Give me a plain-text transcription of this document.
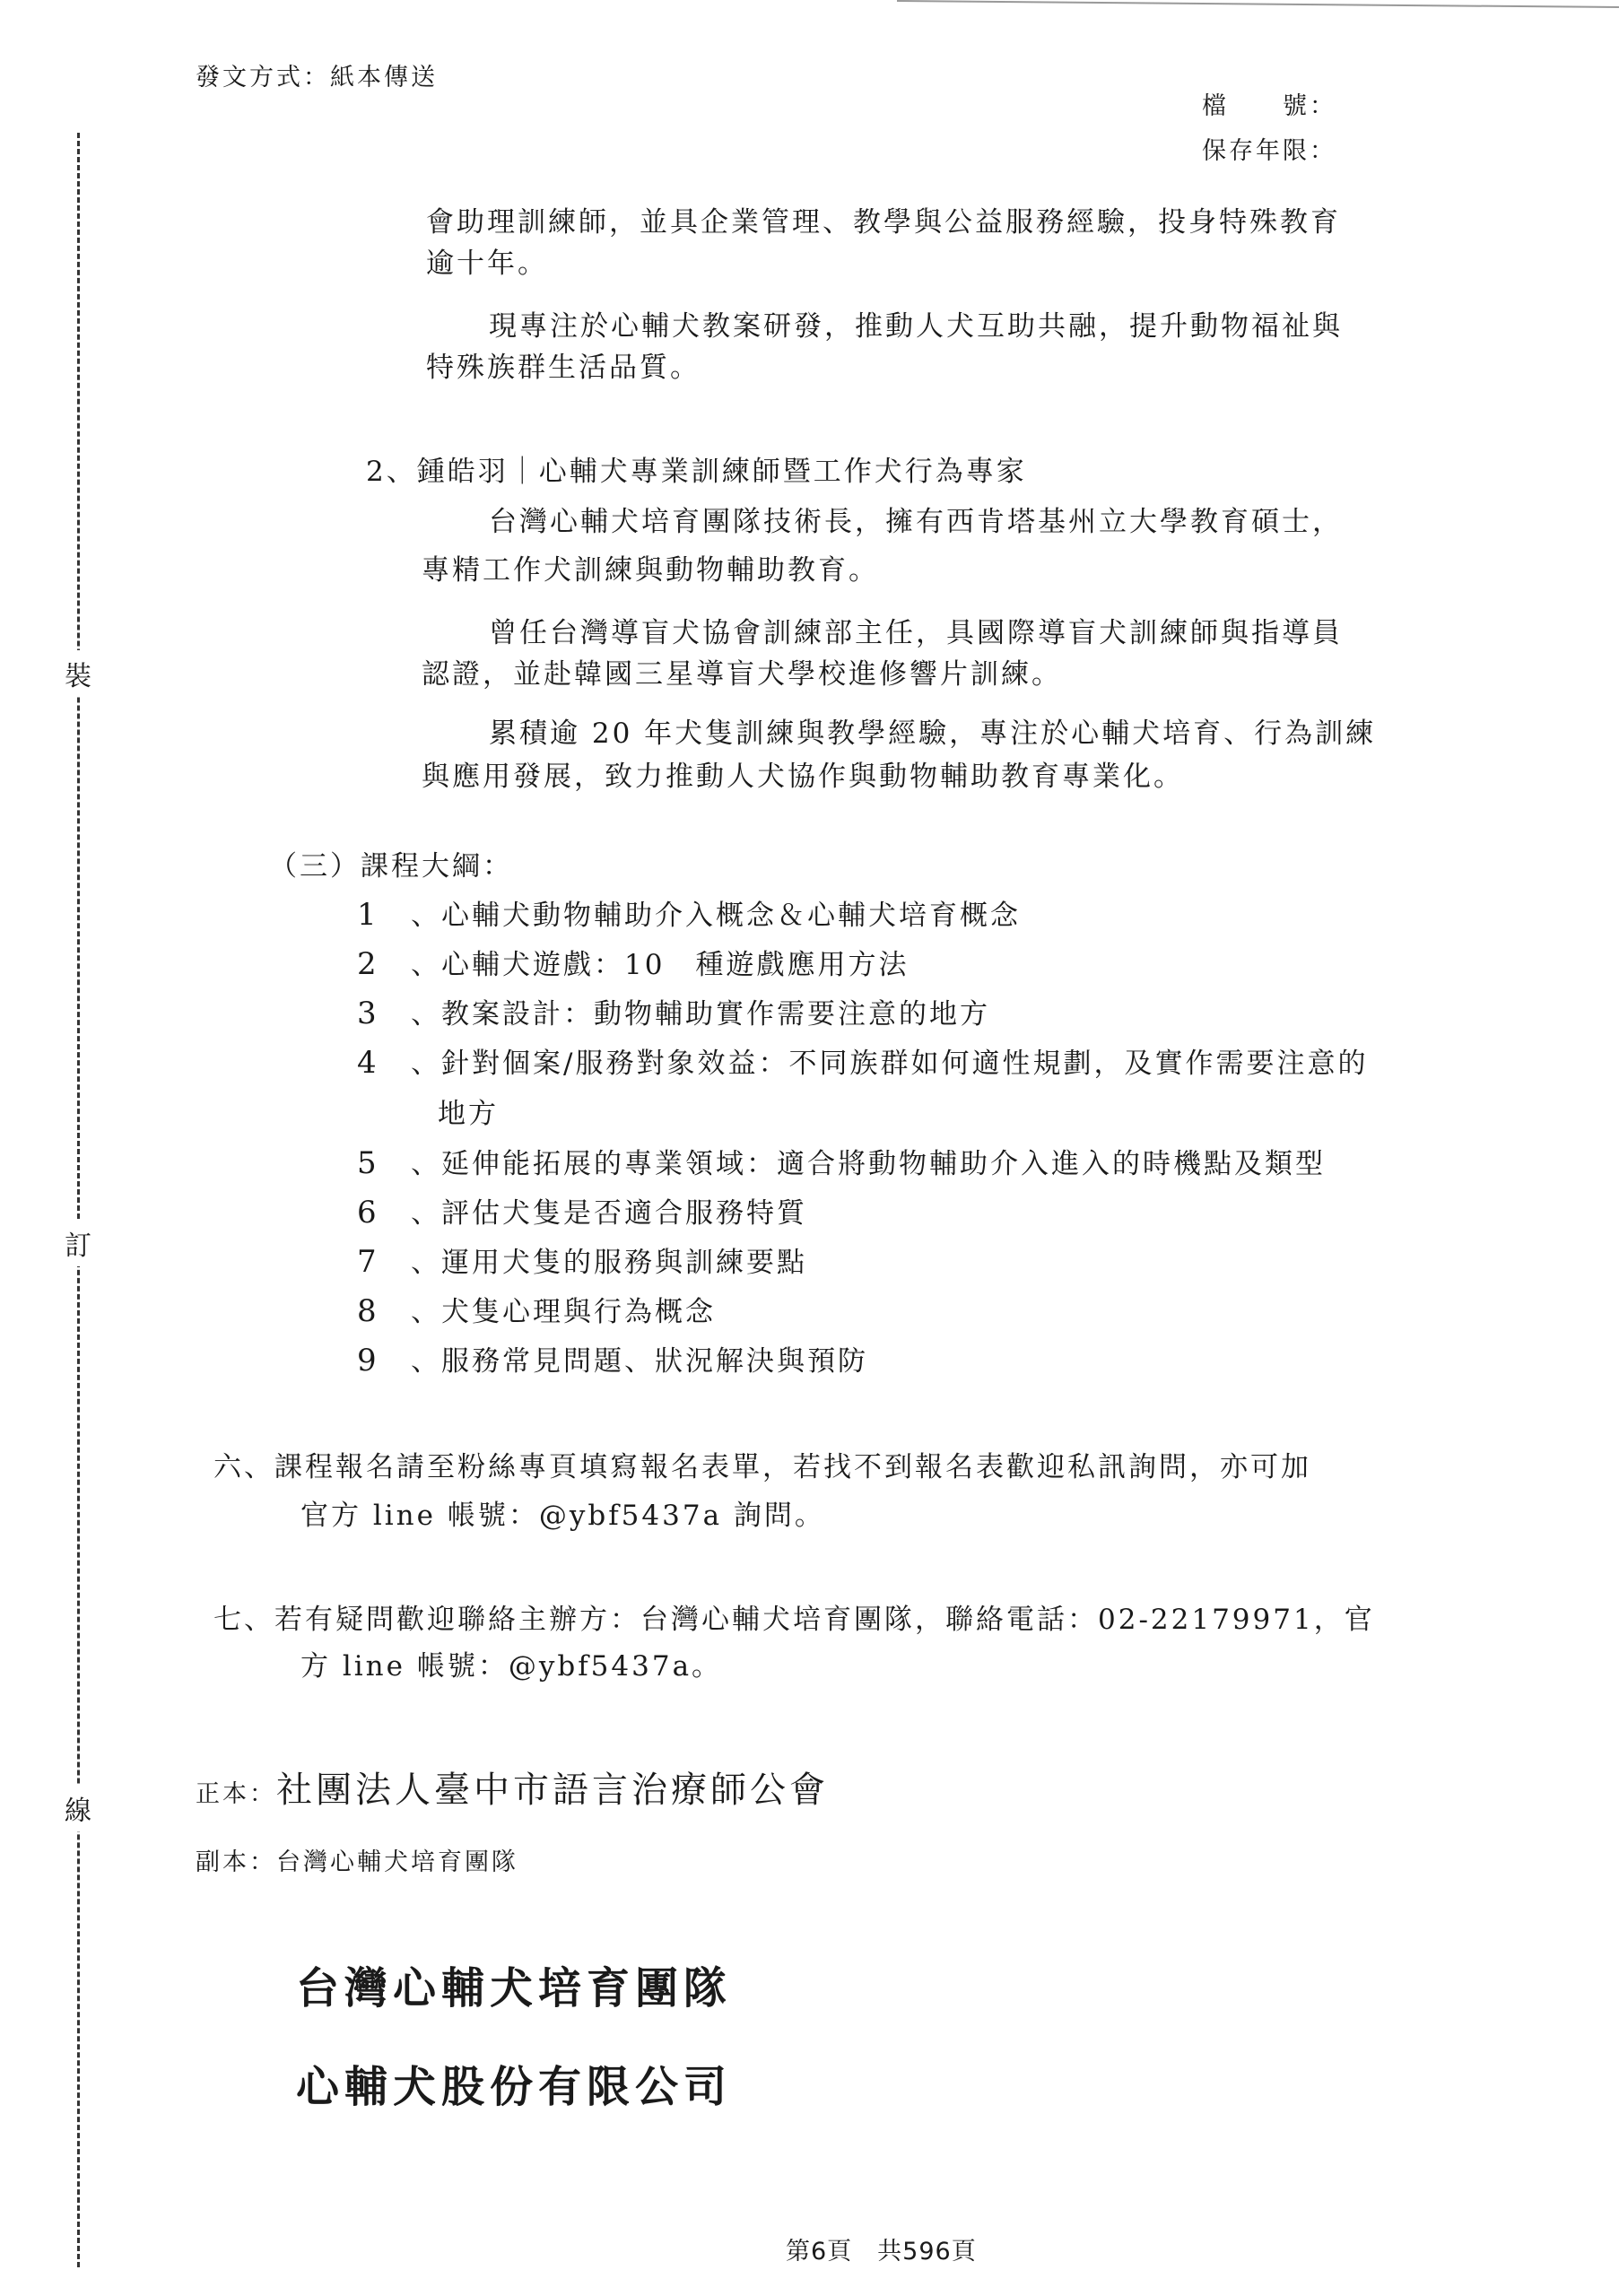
發文方式：紙本傳送
檔　　號：
保存年限：
裝
訂
線
會助理訓練師，並具企業管理、教學與公益服務經驗，投身特殊教育
逾十年。
現專注於心輔犬教案研發，推動人犬互助共融，提升動物福祉與
特殊族群生活品質。
2、鍾皓羽｜心輔犬專業訓練師暨工作犬行為專家
台灣心輔犬培育團隊技術長，擁有西肯塔基州立大學教育碩士，
專精工作犬訓練與動物輔助教育。
曾任台灣導盲犬協會訓練部主任，具國際導盲犬訓練師與指導員
認證，並赴韓國三星導盲犬學校進修響片訓練。
累積逾 20 年犬隻訓練與教學經驗，專注於心輔犬培育、行為訓練
與應用發展，致力推動人犬協作與動物輔助教育專業化。
（三）課程大綱：
1 、心輔犬動物輔助介入概念＆心輔犬培育概念
2 、心輔犬遊戲：10　種遊戲應用方法
3 、教案設計：動物輔助實作需要注意的地方
4 、針對個案/服務對象效益：不同族群如何適性規劃，及實作需要注意的
地方
5 、延伸能拓展的專業領域：適合將動物輔助介入進入的時機點及類型
6 、評估犬隻是否適合服務特質
7 、運用犬隻的服務與訓練要點
8 、犬隻心理與行為概念
9 、服務常見問題、狀況解決與預防
六、課程報名請至粉絲專頁填寫報名表單，若找不到報名表歡迎私訊詢問，亦可加
官方 line 帳號：@ybf5437a 詢問。
七、若有疑問歡迎聯絡主辦方：台灣心輔犬培育團隊，聯絡電話：02-22179971，官
方 line 帳號：@ybf5437a。
正本：社團法人臺中市語言治療師公會
副本：台灣心輔犬培育團隊
台灣心輔犬培育團隊
心輔犬股份有限公司
第6頁　共596頁
